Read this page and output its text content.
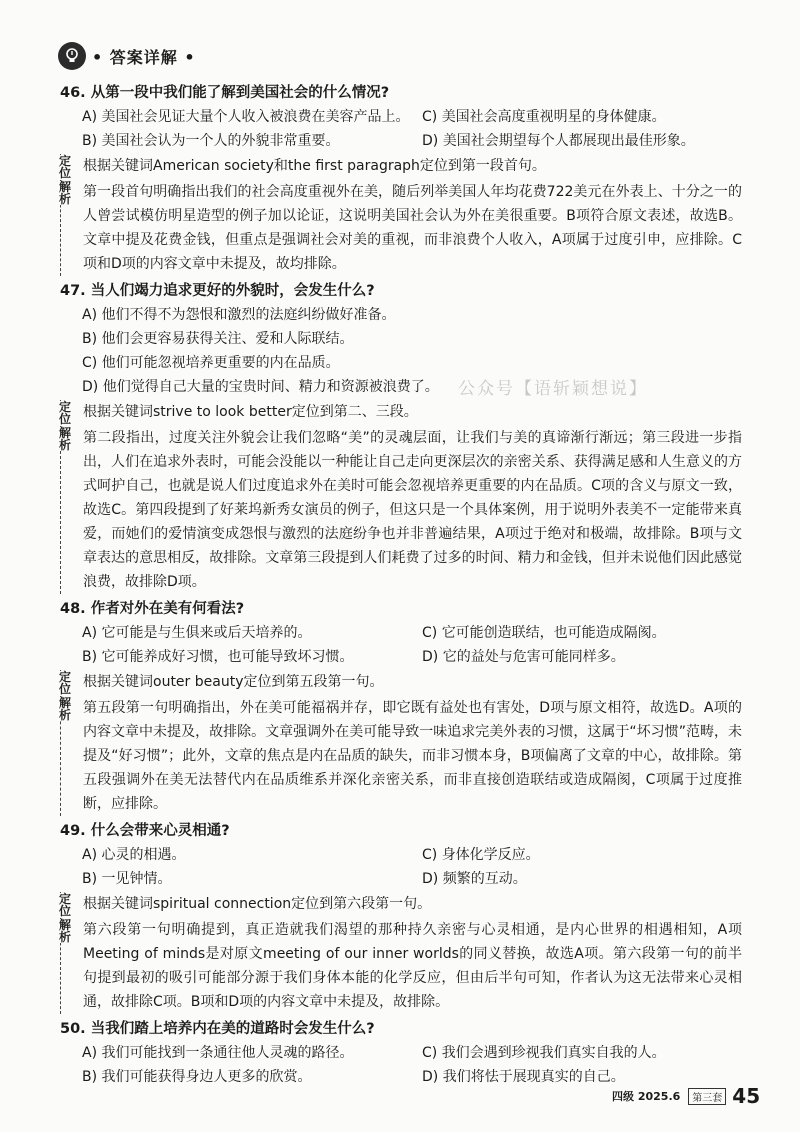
• 答案详解 •
公众号【语斩颖想说】
46. 从第一段中我们能了解到美国社会的什么情况?
A) 美国社会见证大量个人收入被浪费在美容产品上。 C) 美国社会高度重视明星的身体健康。
B) 美国社会认为一个人的外貌非常重要。	D) 美国社会期望每个人都展现出最佳形象。
定位 根据关键词American society和the first paragraph定位到第一段首句。
解析 第一段首句明确指出我们的社会高度重视外在美，随后列举美国人年均花费722美元在外表上、十分之一的人曾尝试模仿明星造型的例子加以论证，这说明美国社会认为外在美很重要。B项符合原文表述，故选B。文章中提及花费金钱，但重点是强调社会对美的重视，而非浪费个人收入，A项属于过度引申，应排除。C项和D项的内容文章中未提及，故均排除。
47. 当人们竭力追求更好的外貌时，会发生什么?
A) 他们不得不为怨恨和激烈的法庭纠纷做好准备。
B) 他们会更容易获得关注、爱和人际联结。
C) 他们可能忽视培养更重要的内在品质。
D) 他们觉得自己大量的宝贵时间、精力和资源被浪费了。
定位 根据关键词strive to look better定位到第二、三段。
解析 第二段指出，过度关注外貌会让我们忽略“美”的灵魂层面，让我们与美的真谛渐行渐远；第三段进一步指出，人们在追求外表时，可能会没能以一种能让自己走向更深层次的亲密关系、获得满足感和人生意义的方式呵护自己，也就是说人们过度追求外在美时可能会忽视培养更重要的内在品质。C项的含义与原文一致，故选C。第四段提到了好莱坞新秀女演员的例子，但这只是一个具体案例，用于说明外表美不一定能带来真爱，而她们的爱情演变成怨恨与激烈的法庭纷争也并非普遍结果，A项过于绝对和极端，故排除。B项与文章表达的意思相反，故排除。文章第三段提到人们耗费了过多的时间、精力和金钱，但并未说他们因此感觉浪费，故排除D项。
48. 作者对外在美有何看法?
A) 它可能是与生俱来或后天培养的。	C) 它可能创造联结，也可能造成隔阂。
B) 它可能养成好习惯，也可能导致坏习惯。	D) 它的益处与危害可能同样多。
定位 根据关键词outer beauty定位到第五段第一句。
解析 第五段第一句明确指出，外在美可能福祸并存，即它既有益处也有害处，D项与原文相符，故选D。A项的内容文章中未提及，故排除。文章强调外在美可能导致一味追求完美外表的习惯，这属于“坏习惯”范畴，未提及“好习惯”；此外，文章的焦点是内在品质的缺失，而非习惯本身，B项偏离了文章的中心，故排除。第五段强调外在美无法替代内在品质维系并深化亲密关系，而非直接创造联结或造成隔阂，C项属于过度推断，应排除。
49. 什么会带来心灵相通?
A) 心灵的相遇。	C) 身体化学反应。
B) 一见钟情。	D) 频繁的互动。
定位 根据关键词spiritual connection定位到第六段第一句。
解析 第六段第一句明确提到，真正造就我们渴望的那种持久亲密与心灵相通，是内心世界的相遇相知，A项Meeting of minds是对原文meeting of our inner worlds的同义替换，故选A项。第六段第一句的前半句提到最初的吸引可能部分源于我们身体本能的化学反应，但由后半句可知，作者认为这无法带来心灵相通，故排除C项。B项和D项的内容文章中未提及，故排除。
50. 当我们踏上培养内在美的道路时会发生什么?
A) 我们可能找到一条通往他人灵魂的路径。	C) 我们会遇到珍视我们真实自我的人。
B) 我们可能获得身边人更多的欣赏。	D) 我们将怯于展现真实的自己。
四级 2025.6	第三套 45
